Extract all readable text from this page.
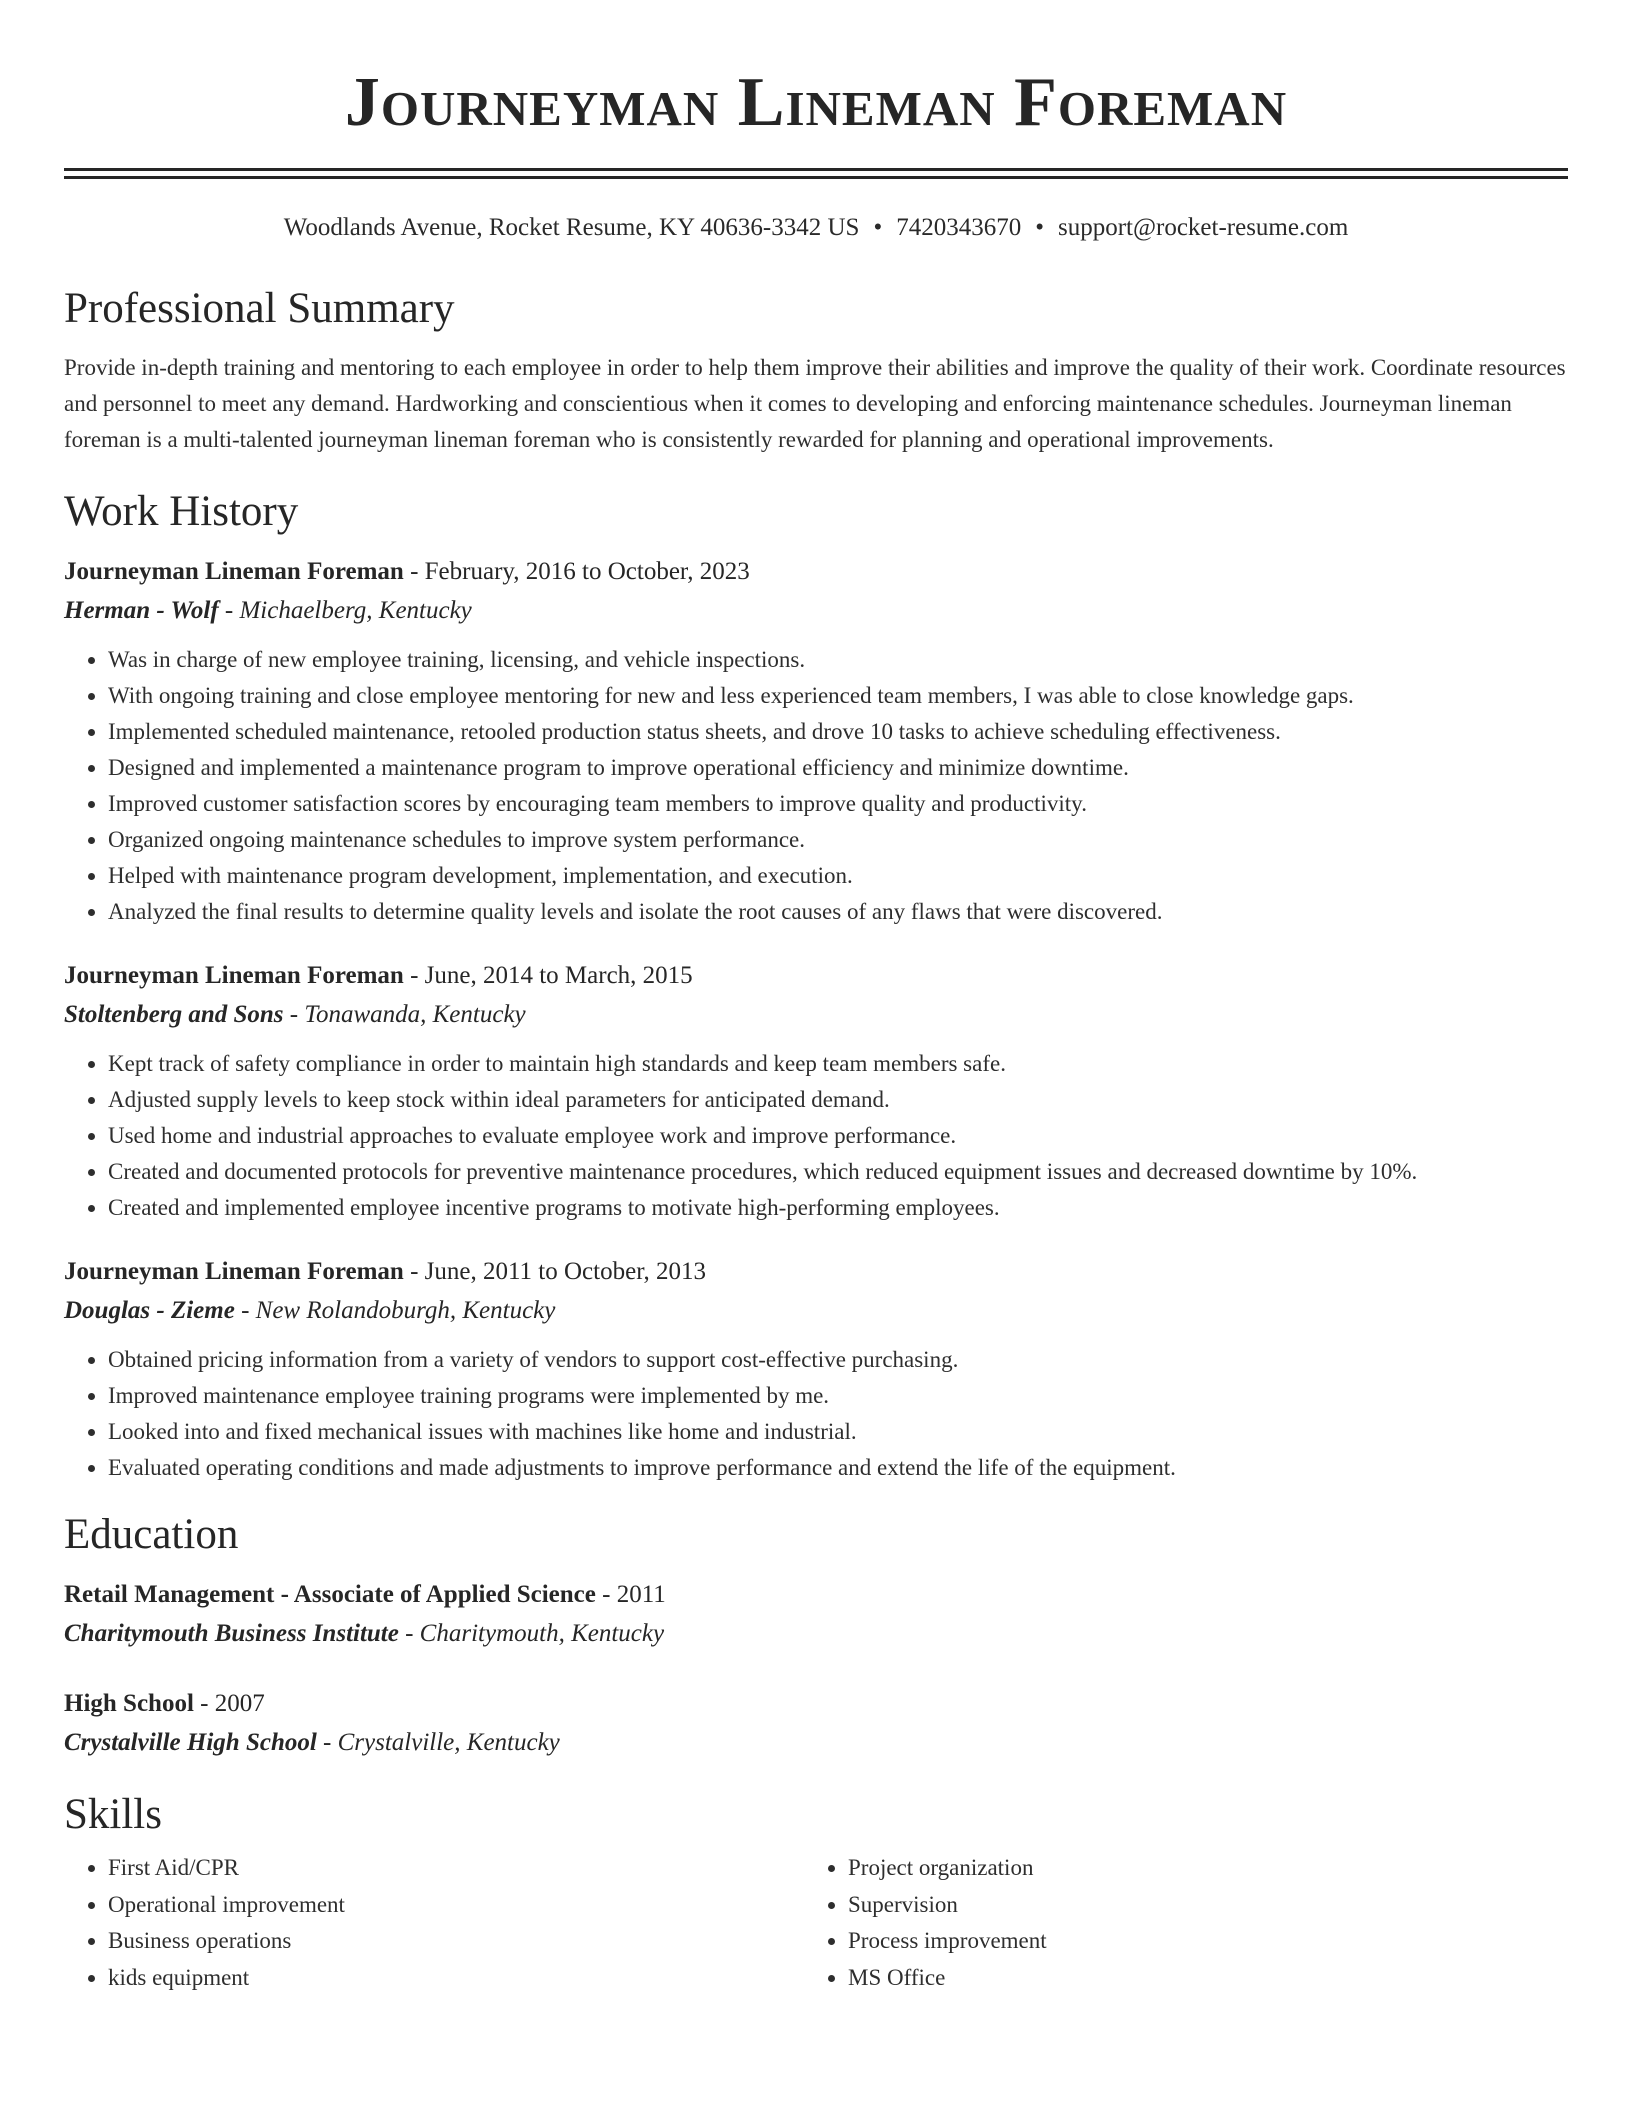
Journeyman Lineman Foreman
Woodlands Avenue, Rocket Resume, KY 40636-3342 US • 7420343670 • support@rocket-resume.com
Professional Summary

Provide in-depth training and mentoring to each employee in order to help them improve their abilities and improve the quality of their work. Coordinate resources and personnel to meet any demand. Hardworking and conscientious when it comes to developing and enforcing maintenance schedules. Journeyman lineman foreman is a multi-talented journeyman lineman foreman who is consistently rewarded for planning and operational improvements.

Work History
Journeyman Lineman Foreman - February, 2016 to October, 2023
Herman - Wolf - Michaelberg, Kentucky
• Was in charge of new employee training, licensing, and vehicle inspections.
• With ongoing training and close employee mentoring for new and less experienced team members, I was able to close knowledge gaps.
• Implemented scheduled maintenance, retooled production status sheets, and drove 10 tasks to achieve scheduling effectiveness.
• Designed and implemented a maintenance program to improve operational efficiency and minimize downtime.
• Improved customer satisfaction scores by encouraging team members to improve quality and productivity.
• Organized ongoing maintenance schedules to improve system performance.
• Helped with maintenance program development, implementation, and execution.
• Analyzed the final results to determine quality levels and isolate the root causes of any flaws that were discovered.
Journeyman Lineman Foreman - June, 2014 to March, 2015
Stoltenberg and Sons - Tonawanda, Kentucky
• Kept track of safety compliance in order to maintain high standards and keep team members safe.
• Adjusted supply levels to keep stock within ideal parameters for anticipated demand.
• Used home and industrial approaches to evaluate employee work and improve performance.
• Created and documented protocols for preventive maintenance procedures, which reduced equipment issues and decreased downtime by 10%.
• Created and implemented employee incentive programs to motivate high-performing employees.
Journeyman Lineman Foreman - June, 2011 to October, 2013
Douglas - Zieme - New Rolandoburgh, Kentucky
• Obtained pricing information from a variety of vendors to support cost-effective purchasing.
• Improved maintenance employee training programs were implemented by me.
• Looked into and fixed mechanical issues with machines like home and industrial.
• Evaluated operating conditions and made adjustments to improve performance and extend the life of the equipment.
Education
Retail Management - Associate of Applied Science - 2011
Charitymouth Business Institute - Charitymouth, Kentucky
High School - 2007
Crystalville High School - Crystalville, Kentucky
Skills
• First Aid/CPR
• Operational improvement
• Business operations
• kids equipment
• Project organization
• Supervision
• Process improvement
• MS Office
